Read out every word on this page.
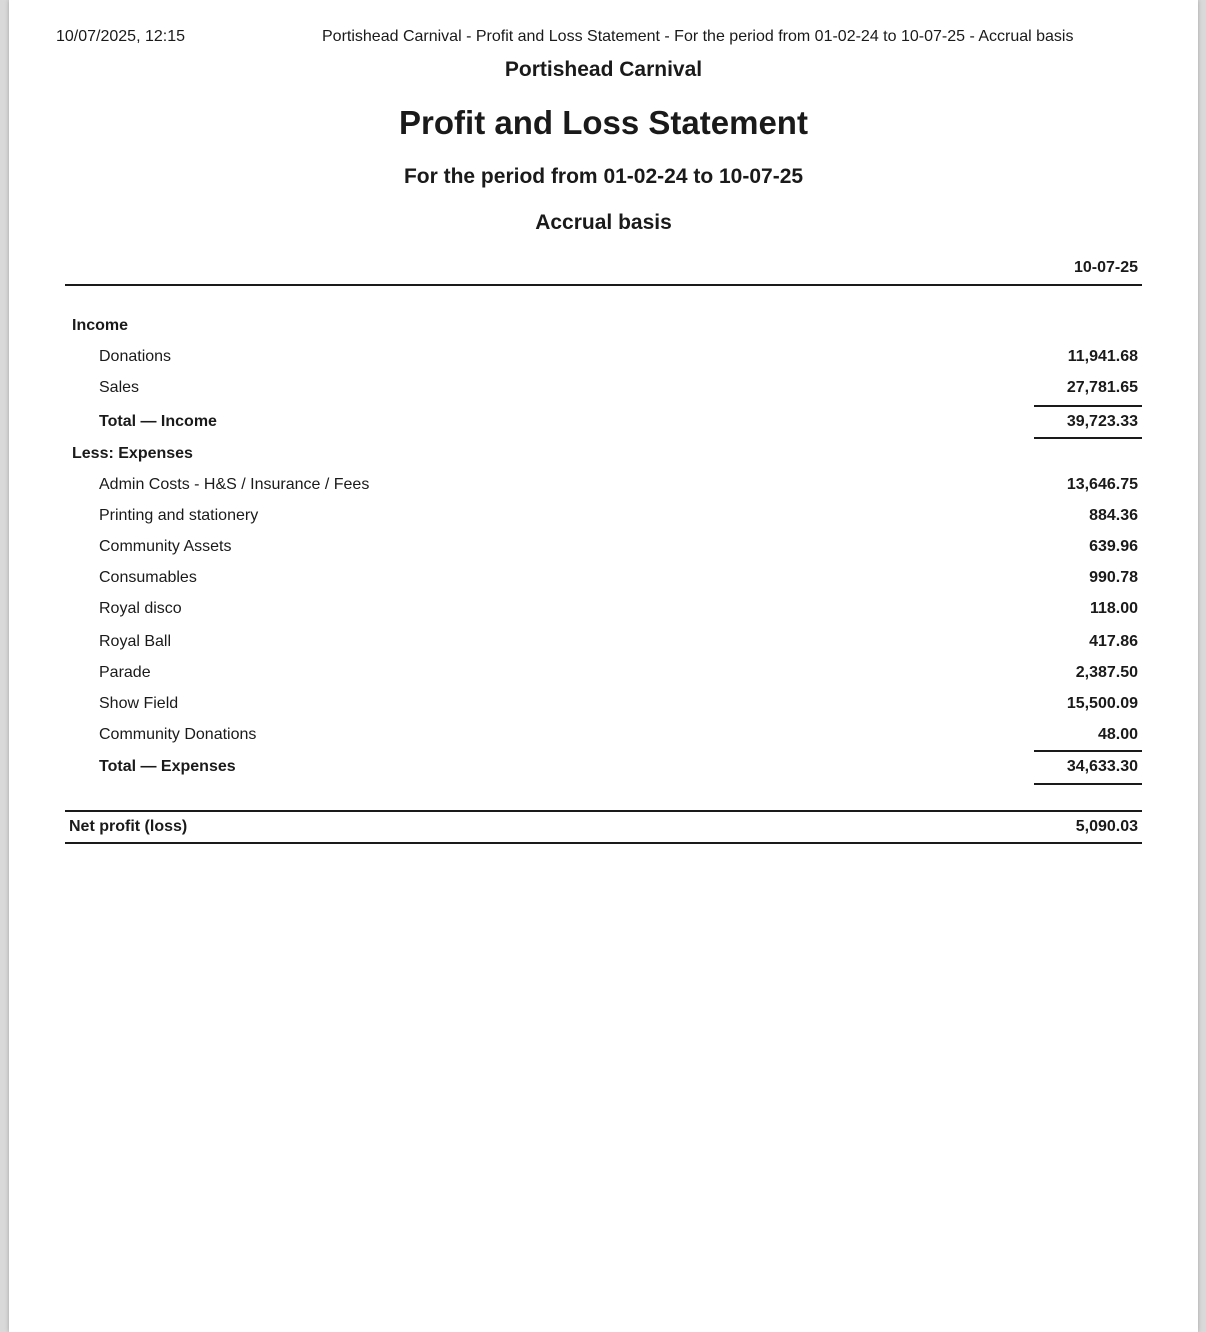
10/07/2025, 12:15	Portishead Carnival - Profit and Loss Statement - For the period from 01-02-24 to 10-07-25 - Accrual basis
Portishead Carnival
Profit and Loss Statement
For the period from 01-02-24 to 10-07-25
Accrual basis
10-07-25
Income
Donations	11,941.68
Sales	27,781.65
Total — Income	39,723.33
Less: Expenses
Admin Costs - H&S / Insurance / Fees	13,646.75
Printing and stationery	884.36
Community Assets	639.96
Consumables	990.78
Royal disco	118.00
Royal Ball	417.86
Parade	2,387.50
Show Field	15,500.09
Community Donations	48.00
Total — Expenses	34,633.30
Net profit (loss)	5,090.03
